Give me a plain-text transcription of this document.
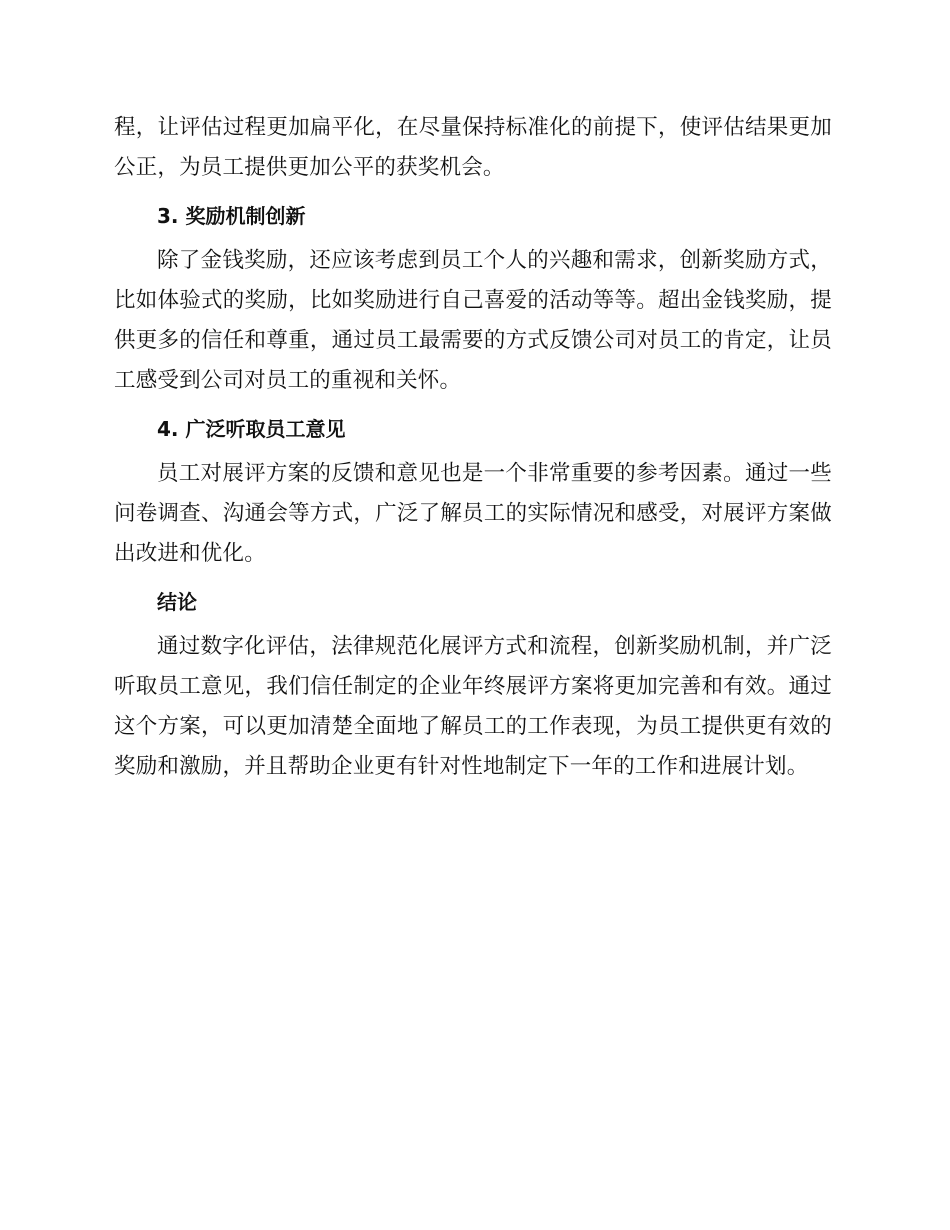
程，让评估过程更加扁平化，在尽量保持标准化的前提下，使评估结果更加公正，为员工提供更加公平的获奖机会。

3. 奖励机制创新

除了金钱奖励，还应该考虑到员工个人的兴趣和需求，创新奖励方式，比如体验式的奖励，比如奖励进行自己喜爱的活动等等。超出金钱奖励，提供更多的信任和尊重，通过员工最需要的方式反馈公司对员工的肯定，让员工感受到公司对员工的重视和关怀。

4. 广泛听取员工意见

员工对展评方案的反馈和意见也是一个非常重要的参考因素。通过一些问卷调查、沟通会等方式，广泛了解员工的实际情况和感受，对展评方案做出改进和优化。

结论

通过数字化评估，法律规范化展评方式和流程，创新奖励机制，并广泛听取员工意见，我们信任制定的企业年终展评方案将更加完善和有效。通过这个方案，可以更加清楚全面地了解员工的工作表现，为员工提供更有效的奖励和激励，并且帮助企业更有针对性地制定下一年的工作和进展计划。
